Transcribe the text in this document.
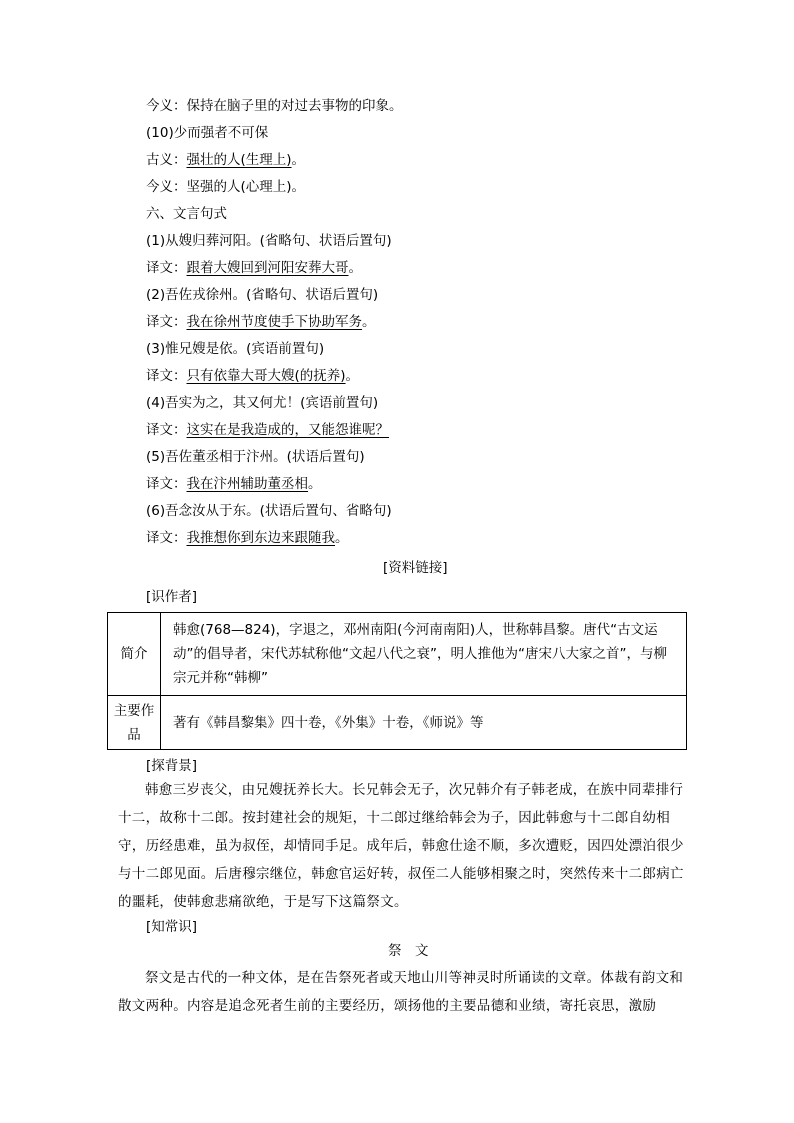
今义：保持在脑子里的对过去事物的印象。
(10)少而强者不可保
古义：强壮的人(生理上)。
今义：坚强的人(心理上)。
六、文言句式
(1)从嫂归葬河阳。(省略句、状语后置句)
译文：跟着大嫂回到河阳安葬大哥。
(2)吾佐戎徐州。(省略句、状语后置句)
译文：我在徐州节度使手下协助军务。
(3)惟兄嫂是依。(宾语前置句)
译文：只有依靠大哥大嫂(的抚养)。
(4)吾实为之，其又何尤！(宾语前置句)
译文：这实在是我造成的，又能怨谁呢？
(5)吾佐董丞相于汴州。(状语后置句)
译文：我在汴州辅助董丞相。
(6)吾念汝从于东。(状语后置句、省略句)
译文：我推想你到东边来跟随我。
[资料链接]
[识作者]
简介	韩愈(768—824)，字退之，邓州南阳(今河南南阳)人，世称韩昌黎。唐代“古文运动”的倡导者，宋代苏轼称他“文起八代之衰”，明人推他为“唐宋八大家之首”，与柳宗元并称“韩柳”
主要作品	著有《韩昌黎集》四十卷，《外集》十卷，《师说》等
[探背景]
韩愈三岁丧父，由兄嫂抚养长大。长兄韩会无子，次兄韩介有子韩老成，在族中同辈排行十二，故称十二郎。按封建社会的规矩，十二郎过继给韩会为子，因此韩愈与十二郎自幼相守，历经患难，虽为叔侄，却情同手足。成年后，韩愈仕途不顺，多次遭贬，因四处漂泊很少与十二郎见面。后唐穆宗继位，韩愈官运好转，叔侄二人能够相聚之时，突然传来十二郎病亡的噩耗，使韩愈悲痛欲绝，于是写下这篇祭文。
[知常识]
祭　文
祭文是古代的一种文体，是在告祭死者或天地山川等神灵时所诵读的文章。体裁有韵文和散文两种。内容是追念死者生前的主要经历，颂扬他的主要品德和业绩，寄托哀思，激励
